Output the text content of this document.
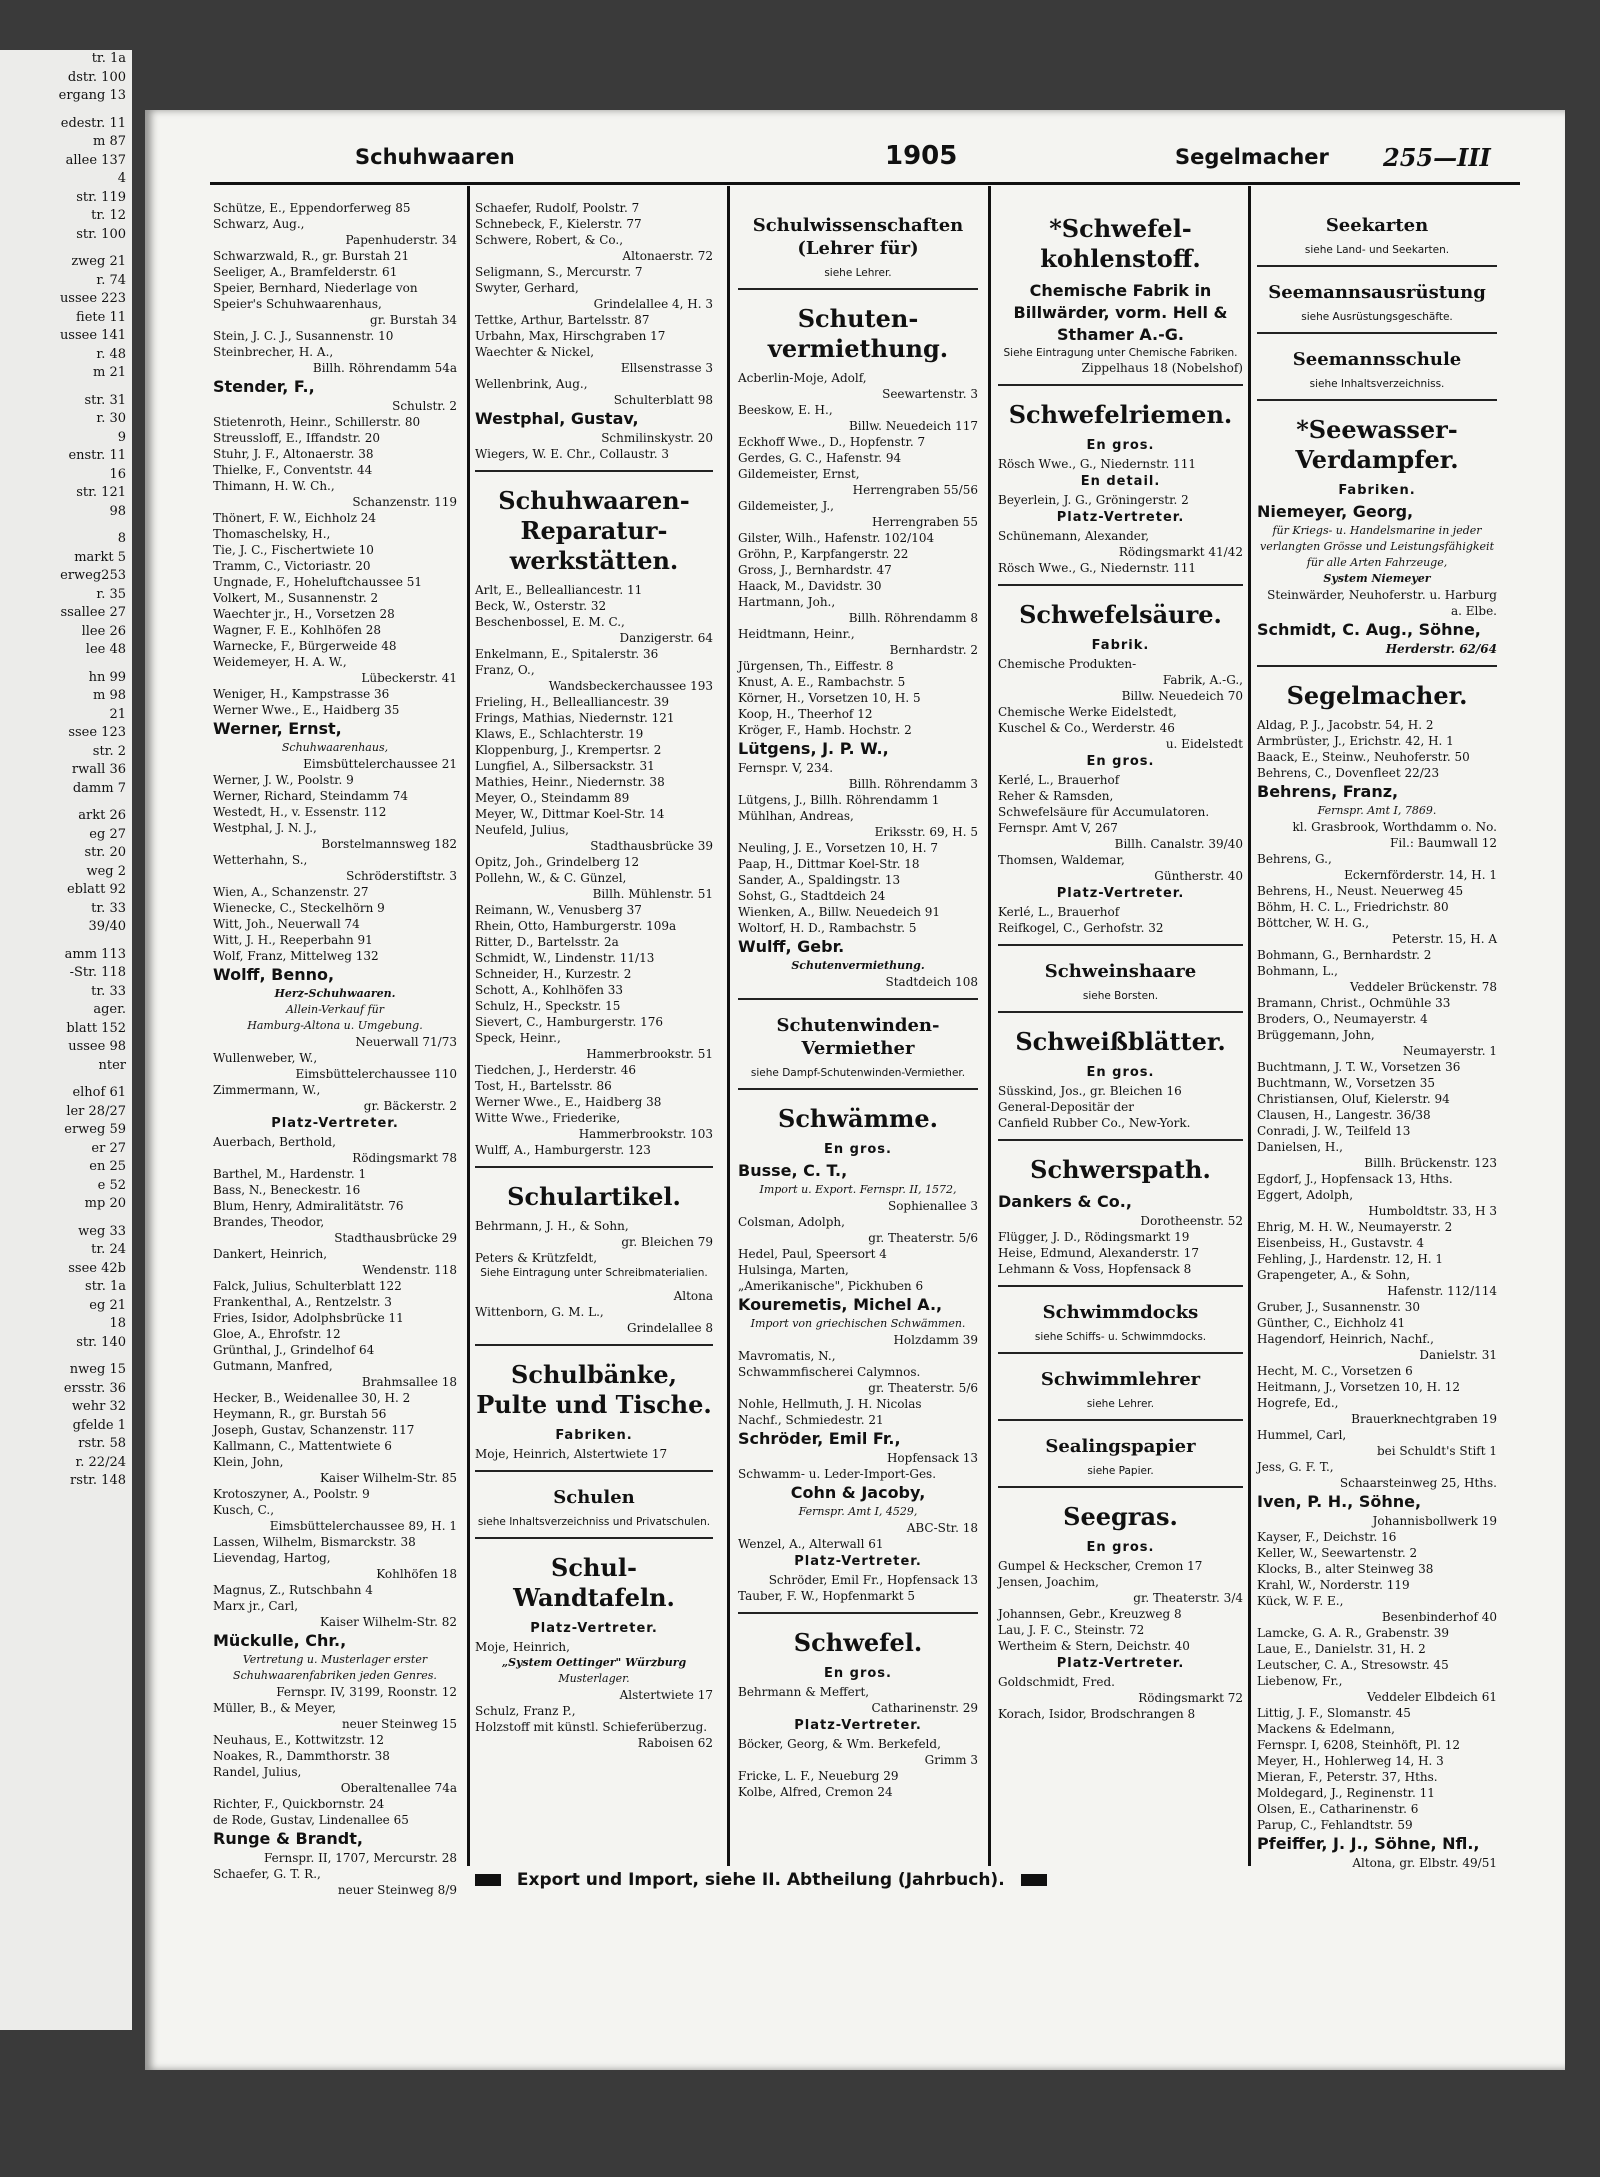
tr. 1a
dstr. 100
ergang 13
edestr. 11
m 87
allee 137
4
str. 119
tr. 12
str. 100
zweg 21
r. 74
ussee 223
fiete 11
ussee 141
r. 48
m 21
str. 31
r. 30
9
enstr. 11
16
str. 121
98
8
markt 5
erweg253
r. 35
ssallee 27
llee 26
lee 48
hn 99
m 98
21
ssee 123
str. 2
rwall 36
damm 7
arkt 26
eg 27
str. 20
weg 2
eblatt 92
tr. 33
39/40
amm 113
-Str. 118
tr. 33
ager.
blatt 152
ussee 98
nter
elhof 61
ler 28/27
erweg 59
er 27
en 25
e 52
mp 20
weg 33
tr. 24
ssee 42b
str. 1a
eg 21
18
str. 140
nweg 15
ersstr. 36
wehr 32
gfelde 1
rstr. 58
r. 22/24
rstr. 148
Schuhwaaren	1905	Segelmacher 255—III
Schütze, E., Eppendorferweg 85
Schwarz, Aug.,
Papenhuderstr. 34
Schwarzwald, R., gr. Burstah 21
Seeliger, A., Bramfelderstr. 61
Speier, Bernhard, Niederlage von
Speier's Schuhwaarenhaus,
gr. Burstah 34
Stein, J. C. J., Susannenstr. 10
Steinbrecher, H. A.,
Billh. Röhrendamm 54a
Stender, F.,
Schulstr. 2
Stietenroth, Heinr., Schillerstr. 80
Streussloff, E., Iffandstr. 20
Stuhr, J. F., Altonaerstr. 38
Thielke, F., Conventstr. 44
Thimann, H. W. Ch.,
Schanzenstr. 119
Thönert, F. W., Eichholz 24
Thomaschelsky, H.,
Tie, J. C., Fischertwiete 10
Tramm, C., Victoriastr. 20
Ungnade, F., Hoheluftchaussee 51
Volkert, M., Susannenstr. 2
Waechter jr., H., Vorsetzen 28
Wagner, F. E., Kohlhöfen 28
Warnecke, F., Bürgerweide 48
Weidemeyer, H. A. W.,
Lübeckerstr. 41
Weniger, H., Kampstrasse 36
Werner Wwe., E., Haidberg 35
Werner, Ernst,
Schuhwaarenhaus,
Eimsbüttelerchaussee 21
Werner, J. W., Poolstr. 9
Werner, Richard, Steindamm 74
Westedt, H., v. Essenstr. 112
Westphal, J. N. J.,
Borstelmannsweg 182
Wetterhahn, S.,
Schröderstiftstr. 3
Wien, A., Schanzenstr. 27
Wienecke, C., Steckelhörn 9
Witt, Joh., Neuerwall 74
Witt, J. H., Reeperbahn 91
Wolf, Franz, Mittelweg 132
Wolff, Benno,
Herz-Schuhwaaren.
Allein-Verkauf für
Hamburg-Altona u. Umgebung.
Neuerwall 71/73
Wullenweber, W.,
Eimsbüttelerchaussee 110
Zimmermann, W.,
gr. Bäckerstr. 2
Platz-Vertreter.
Auerbach, Berthold,
Rödingsmarkt 78
Barthel, M., Hardenstr. 1
Bass, N., Beneckestr. 16
Blum, Henry, Admiralitätstr. 76
Brandes, Theodor,
Stadthausbrücke 29
Dankert, Heinrich,
Wendenstr. 118
Falck, Julius, Schulterblatt 122
Frankenthal, A., Rentzelstr. 3
Fries, Isidor, Adolphsbrücke 11
Gloe, A., Ehrofstr. 12
Grünthal, J., Grindelhof 64
Gutmann, Manfred,
Brahmsallee 18
Hecker, B., Weidenallee 30, H. 2
Heymann, R., gr. Burstah 56
Joseph, Gustav, Schanzenstr. 117
Kallmann, C., Mattentwiete 6
Klein, John,
Kaiser Wilhelm-Str. 85
Krotoszyner, A., Poolstr. 9
Kusch, C.,
Eimsbüttelerchaussee 89, H. 1
Lassen, Wilhelm, Bismarckstr. 38
Lievendag, Hartog,
Kohlhöfen 18
Magnus, Z., Rutschbahn 4
Marx jr., Carl,
Kaiser Wilhelm-Str. 82
Mückulle, Chr.,
Vertretung u. Musterlager erster Schuhwaarenfabriken jeden Genres.
Fernspr. IV, 3199, Roonstr. 12
Müller, B., & Meyer,
neuer Steinweg 15
Neuhaus, E., Kottwitzstr. 12
Noakes, R., Dammthorstr. 38
Randel, Julius,
Oberaltenallee 74a
Richter, F., Quickbornstr. 24
de Rode, Gustav, Lindenallee 65
Runge & Brandt,
Fernspr. II, 1707, Mercurstr. 28
Schaefer, G. T. R.,
neuer Steinweg 8/9
Schaefer, Rudolf, Poolstr. 7
Schnebeck, F., Kielerstr. 77
Schwere, Robert, & Co.,
Altonaerstr. 72
Seligmann, S., Mercurstr. 7
Swyter, Gerhard,
Grindelallee 4, H. 3
Tettke, Arthur, Bartelsstr. 87
Urbahn, Max, Hirschgraben 17
Waechter & Nickel,
Ellsenstrasse 3
Wellenbrink, Aug.,
Schulterblatt 98
Westphal, Gustav,
Schmilinskystr. 20
Wiegers, W. E. Chr., Collaustr. 3
Schuhwaaren-Reparatur-werkstätten.
Arlt, E., Bellealliancestr. 11
Beck, W., Osterstr. 32
Beschenbossel, E. M. C.,
Danzigerstr. 64
Enkelmann, E., Spitalerstr. 36
Franz, O.,
Wandsbeckerchaussee 193
Frieling, H., Bellealliancestr. 39
Frings, Mathias, Niedernstr. 121
Klaws, E., Schlachterstr. 19
Kloppenburg, J., Krempertsr. 2
Lungfiel, A., Silbersackstr. 31
Mathies, Heinr., Niedernstr. 38
Meyer, O., Steindamm 89
Meyer, W., Dittmar Koel-Str. 14
Neufeld, Julius,
Stadthausbrücke 39
Opitz, Joh., Grindelberg 12
Pollehn, W., & C. Günzel,
Billh. Mühlenstr. 51
Reimann, W., Venusberg 37
Rhein, Otto, Hamburgerstr. 109a
Ritter, D., Bartelsstr. 2a
Schmidt, W., Lindenstr. 11/13
Schneider, H., Kurzestr. 2
Schott, A., Kohlhöfen 33
Schulz, H., Speckstr. 15
Sievert, C., Hamburgerstr. 176
Speck, Heinr.,
Hammerbrookstr. 51
Tiedchen, J., Herderstr. 46
Tost, H., Bartelsstr. 86
Werner Wwe., E., Haidberg 38
Witte Wwe., Friederike,
Hammerbrookstr. 103
Wulff, A., Hamburgerstr. 123
Schulartikel.
Behrmann, J. H., & Sohn,
gr. Bleichen 79
Peters & Krützfeldt,
Siehe Eintragung unter Schreibmaterialien.
Altona
Wittenborn, G. M. L.,
Grindelallee 8
Schulbänke, Pulte und Tische.
Fabriken.
Moje, Heinrich, Alstertwiete 17
Schulen
siehe Inhaltsverzeichniss und Privatschulen.
Schul-Wandtafeln.
Platz-Vertreter.
Moje, Heinrich,
„System Oettinger" Würzburg
Musterlager.
Alstertwiete 17
Schulz, Franz P.,
Holzstoff mit künstl. Schieferüberzug.
Raboisen 62
Schulwissenschaften (Lehrer für)
siehe Lehrer.
Schuten-vermiethung.
Acberlin-Moje, Adolf,
Seewartenstr. 3
Beeskow, E. H.,
Billw. Neuedeich 117
Eckhoff Wwe., D., Hopfenstr. 7
Gerdes, G. C., Hafenstr. 94
Gildemeister, Ernst,
Herrengraben 55/56
Gildemeister, J.,
Herrengraben 55
Gilster, Wilh., Hafenstr. 102/104
Gröhn, P., Karpfangerstr. 22
Gross, J., Bernhardstr. 47
Haack, M., Davidstr. 30
Hartmann, Joh.,
Billh. Röhrendamm 8
Heidtmann, Heinr.,
Bernhardstr. 2
Jürgensen, Th., Eiffestr. 8
Knust, A. E., Rambachstr. 5
Körner, H., Vorsetzen 10, H. 5
Koop, H., Theerhof 12
Kröger, F., Hamb. Hochstr. 2
Lütgens, J. P. W.,
Fernspr. V, 234.
Billh. Röhrendamm 3
Lütgens, J., Billh. Röhrendamm 1
Mühlhan, Andreas,
Eriksstr. 69, H. 5
Neuling, J. E., Vorsetzen 10, H. 7
Paap, H., Dittmar Koel-Str. 18
Sander, A., Spaldingstr. 13
Sohst, G., Stadtdeich 24
Wienken, A., Billw. Neuedeich 91
Woltorf, H. D., Rambachstr. 5
Wulff, Gebr.
Schutenvermiethung.
Stadtdeich 108
Schutenwinden-Vermiether
siehe Dampf-Schutenwinden-Vermiether.
Schwämme.
En gros.
Busse, C. T.,
Import u. Export. Fernspr. II, 1572,
Sophienallee 3
Colsman, Adolph,
gr. Theaterstr. 5/6
Hedel, Paul, Speersort 4
Hulsinga, Marten,
„Amerikanische", Pickhuben 6
Kouremetis, Michel A.,
Import von griechischen Schwämmen.
Holzdamm 39
Mavromatis, N.,
Schwammfischerei Calymnos.
gr. Theaterstr. 5/6
Nohle, Hellmuth, J. H. Nicolas
Nachf., Schmiedestr. 21
Schröder, Emil Fr.,
Hopfensack 13
Schwamm- u. Leder-Import-Ges.
Cohn & Jacoby,
Fernspr. Amt I, 4529,
ABC-Str. 18
Wenzel, A., Alterwall 61
Platz-Vertreter.
Schröder, Emil Fr., Hopfensack 13
Tauber, F. W., Hopfenmarkt 5
Schwefel.
En gros.
Behrmann & Meffert,
Catharinenstr. 29
Platz-Vertreter.
Böcker, Georg, & Wm. Berkefeld,
Grimm 3
Fricke, L. F., Neueburg 29
Kolbe, Alfred, Cremon 24
*Schwefel-kohlenstoff.
Chemische Fabrik in Billwärder, vorm. Hell & Sthamer A.-G.
Siehe Eintragung unter Chemische Fabriken.
Zippelhaus 18 (Nobelshof)
Schwefelriemen.
En gros.
Rösch Wwe., G., Niedernstr. 111
En detail.
Beyerlein, J. G., Gröningerstr. 2
Platz-Vertreter.
Schünemann, Alexander,
Rödingsmarkt 41/42
Rösch Wwe., G., Niedernstr. 111
Schwefelsäure.
Fabrik.
Chemische Produkten-
Fabrik, A.-G.,
Billw. Neuedeich 70
Chemische Werke Eidelstedt,
Kuschel & Co., Werderstr. 46
u. Eidelstedt
En gros.
Kerlé, L., Brauerhof
Reher & Ramsden,
Schwefelsäure für Accumulatoren.
Fernspr. Amt V, 267
Billh. Canalstr. 39/40
Thomsen, Waldemar,
Güntherstr. 40
Platz-Vertreter.
Kerlé, L., Brauerhof
Reifkogel, C., Gerhofstr. 32
Schweinshaare
siehe Borsten.
Schweißblätter.
En gros.
Süsskind, Jos., gr. Bleichen 16
General-Depositär der
Canfield Rubber Co., New-York.
Schwerspath.
Dankers & Co.,
Dorotheenstr. 52
Flügger, J. D., Rödingsmarkt 19
Heise, Edmund, Alexanderstr. 17
Lehmann & Voss, Hopfensack 8
Schwimmdocks
siehe Schiffs- u. Schwimmdocks.
Schwimmlehrer
siehe Lehrer.
Sealingspapier
siehe Papier.
Seegras.
En gros.
Gumpel & Heckscher, Cremon 17
Jensen, Joachim,
gr. Theaterstr. 3/4
Johannsen, Gebr., Kreuzweg 8
Lau, J. F. C., Steinstr. 72
Wertheim & Stern, Deichstr. 40
Platz-Vertreter.
Goldschmidt, Fred.
Rödingsmarkt 72
Korach, Isidor, Brodschrangen 8
Seekarten
siehe Land- und Seekarten.
Seemannsausrüstung
siehe Ausrüstungsgeschäfte.
Seemannsschule
siehe Inhaltsverzeichniss.
*Seewasser-Verdampfer.
Fabriken.
Niemeyer, Georg,
für Kriegs- u. Handelsmarine in jeder verlangten Grösse und Leistungsfähigkeit für alle Arten Fahrzeuge,
System Niemeyer
Steinwärder, Neuhoferstr. u. Harburg a. Elbe.
Schmidt, C. Aug., Söhne,
Herderstr. 62/64
Segelmacher.
Aldag, P. J., Jacobstr. 54, H. 2
Armbrüster, J., Erichstr. 42, H. 1
Baack, E., Steinw., Neuhoferstr. 50
Behrens, C., Dovenfleet 22/23
Behrens, Franz,
Fernspr. Amt I, 7869.
kl. Grasbrook, Worthdamm o. No.
Fil.: Baumwall 12
Behrens, G.,
Eckernförderstr. 14, H. 1
Behrens, H., Neust. Neuerweg 45
Böhm, H. C. L., Friedrichstr. 80
Böttcher, W. H. G.,
Peterstr. 15, H. A
Bohmann, G., Bernhardstr. 2
Bohmann, L.,
Veddeler Brückenstr. 78
Bramann, Christ., Ochmühle 33
Broders, O., Neumayerstr. 4
Brüggemann, John,
Neumayerstr. 1
Buchtmann, J. T. W., Vorsetzen 36
Buchtmann, W., Vorsetzen 35
Christiansen, Oluf, Kielerstr. 94
Clausen, H., Langestr. 36/38
Conradi, J. W., Teilfeld 13
Danielsen, H.,
Billh. Brückenstr. 123
Egdorf, J., Hopfensack 13, Hths.
Eggert, Adolph,
Humboldtstr. 33, H 3
Ehrig, M. H. W., Neumayerstr. 2
Eisenbeiss, H., Gustavstr. 4
Fehling, J., Hardenstr. 12, H. 1
Grapengeter, A., & Sohn,
Hafenstr. 112/114
Gruber, J., Susannenstr. 30
Günther, C., Eichholz 41
Hagendorf, Heinrich, Nachf.,
Danielstr. 31
Hecht, M. C., Vorsetzen 6
Heitmann, J., Vorsetzen 10, H. 12
Hogrefe, Ed.,
Brauerknechtgraben 19
Hummel, Carl,
bei Schuldt's Stift 1
Jess, G. F. T.,
Schaarsteinweg 25, Hths.
Iven, P. H., Söhne,
Johannisbollwerk 19
Kayser, F., Deichstr. 16
Keller, W., Seewartenstr. 2
Klocks, B., alter Steinweg 38
Krahl, W., Norderstr. 119
Kück, W. F. E.,
Besenbinderhof 40
Lamcke, G. A. R., Grabenstr. 39
Laue, E., Danielstr. 31, H. 2
Leutscher, C. A., Stresowstr. 45
Liebenow, Fr.,
Veddeler Elbdeich 61
Littig, J. F., Slomanstr. 45
Mackens & Edelmann,
Fernspr. I, 6208, Steinhöft, Pl. 12
Meyer, H., Hohlerweg 14, H. 3
Mieran, F., Peterstr. 37, Hths.
Moldegard, J., Reginenstr. 11
Olsen, E., Catharinenstr. 6
Parup, C., Fehlandtstr. 59
Pfeiffer, J. J., Söhne, Nfl.,
Altona, gr. Elbstr. 49/51
Export und Import, siehe II. Abtheilung (Jahrbuch).
